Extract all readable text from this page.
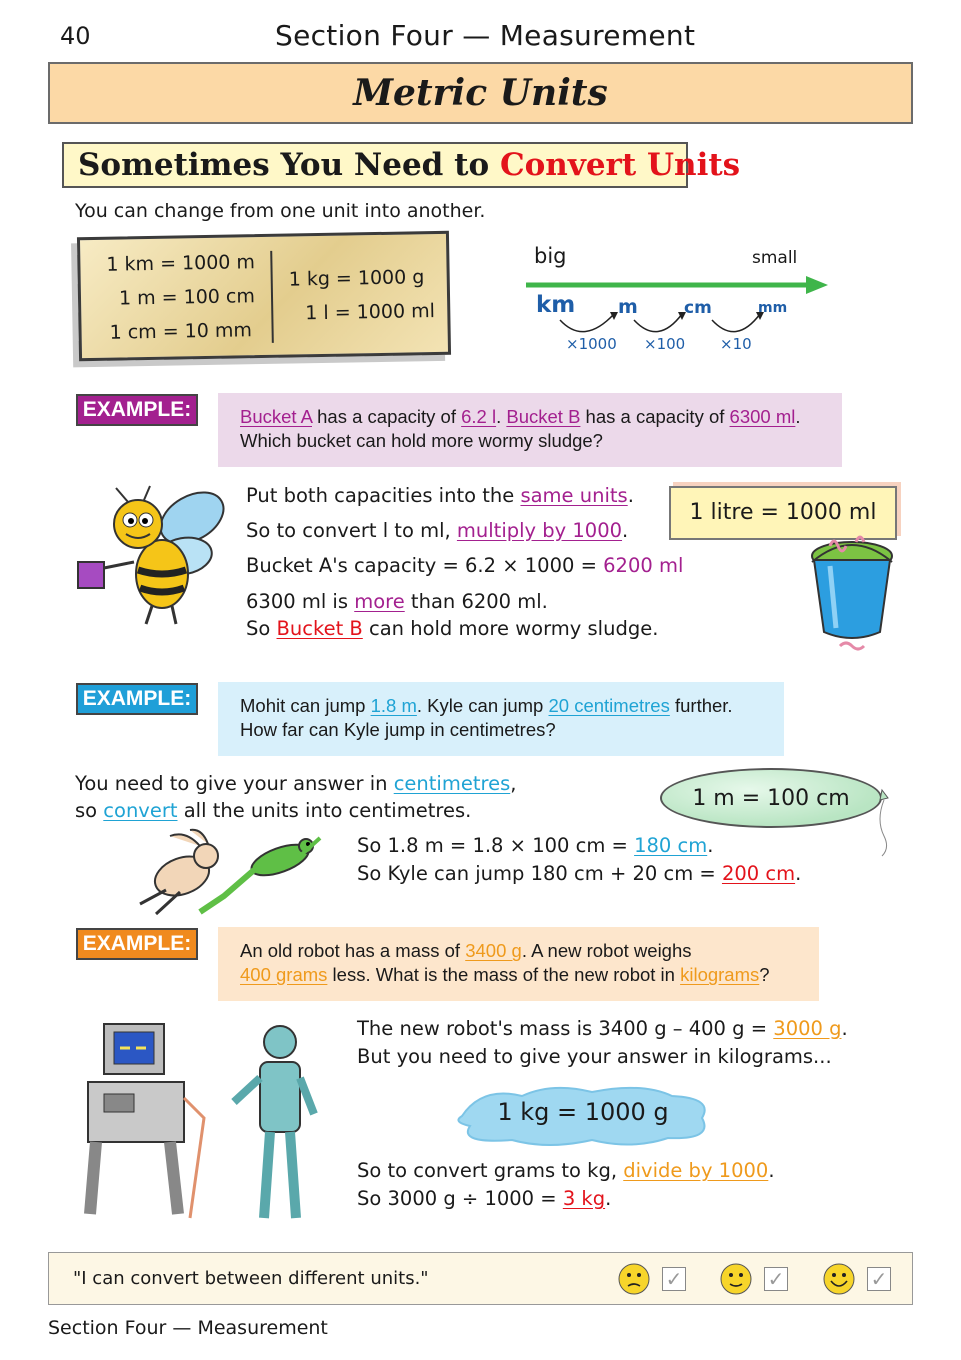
40	Section Four — Measurement
Metric Units
Sometimes You Need to Convert Units
You can change from one unit into another.
1 km = 1000 m
1 m = 100 cm
1 cm = 10 mm
1 kg = 1000 g
1 l = 1000 ml
big	small
km m	cm	mm
×1000 ×100 ×10
EXAMPLE:	Bucket A has a capacity of 6.2 l. Bucket B has a capacity of 6300 ml.
Which bucket can hold more wormy sludge?
Put both capacities into the same units.
So to convert l to ml, multiply by 1000.
Bucket A's capacity = 6.2 × 1000 = 6200 ml
6300 ml is more than 6200 ml.
So Bucket B can hold more wormy sludge.
1 litre = 1000 ml
EXAMPLE:	Mohit can jump 1.8 m. Kyle can jump 20 centimetres further.
How far can Kyle jump in centimetres?
You need to give your answer in centimetres,
so convert all the units into centimetres.	1 m = 100 cm
So 1.8 m = 1.8 × 100 cm = 180 cm.
So Kyle can jump 180 cm + 20 cm = 200 cm.
EXAMPLE:	An old robot has a mass of 3400 g. A new robot weighs
400 grams less. What is the mass of the new robot in kilograms?
The new robot's mass is 3400 g – 400 g = 3000 g.
But you need to give your answer in kilograms...
1 kg = 1000 g
So to convert grams to kg, divide by 1000.
So 3000 g ÷ 1000 = 3 kg.
"I can convert between different units."	✓	✓	✓
Section Four — Measurement
